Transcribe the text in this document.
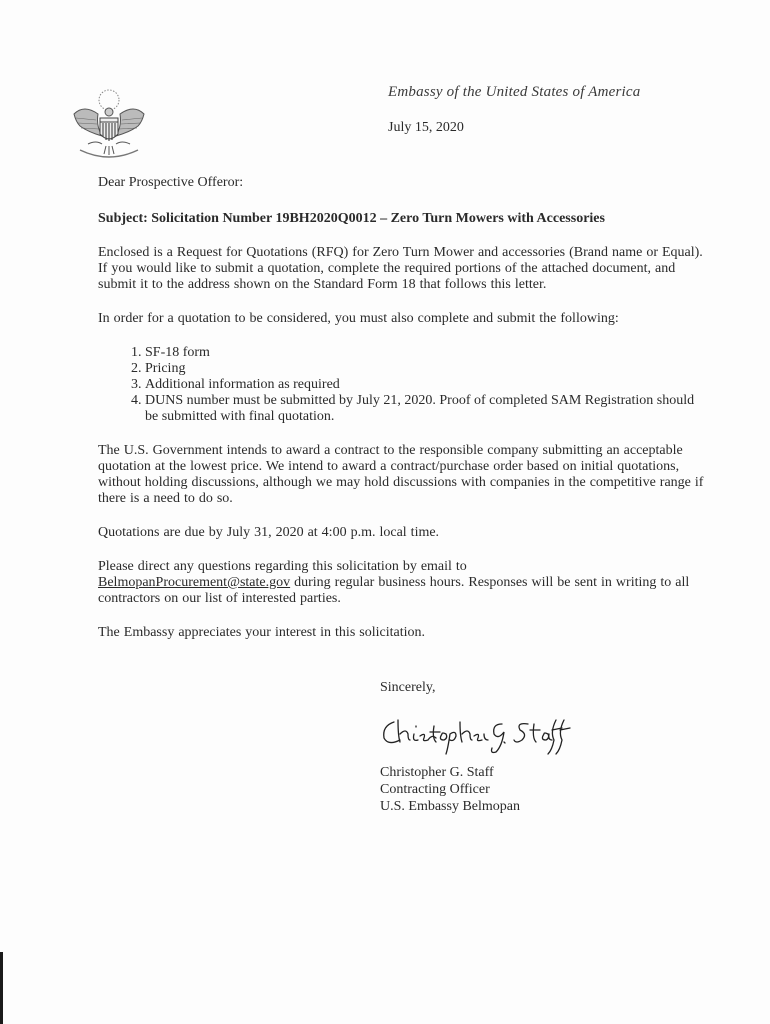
Embassy of the United States of America
July 15, 2020

Dear Prospective Offeror:

Subject: Solicitation Number 19BH2020Q0012 – Zero Turn Mowers with Accessories

Enclosed is a Request for Quotations (RFQ) for Zero Turn Mower and accessories (Brand name or Equal). If you would like to submit a quotation, complete the required portions of the attached document, and submit it to the address shown on the Standard Form 18 that follows this letter.

In order for a quotation to be considered, you must also complete and submit the following:

1. SF-18 form
2. Pricing
3. Additional information as required
4. DUNS number must be submitted by July 21, 2020. Proof of completed SAM Registration should be submitted with final quotation.

The U.S. Government intends to award a contract to the responsible company submitting an acceptable quotation at the lowest price. We intend to award a contract/purchase order based on initial quotations, without holding discussions, although we may hold discussions with companies in the competitive range if there is a need to do so.

Quotations are due by July 31, 2020 at 4:00 p.m. local time.

Please direct any questions regarding this solicitation by email to
BelmopanProcurement@state.gov during regular business hours. Responses will be sent in writing to all contractors on our list of interested parties.

The Embassy appreciates your interest in this solicitation.

Sincerely,
Christopher G. Staff
Contracting Officer
U.S. Embassy Belmopan
